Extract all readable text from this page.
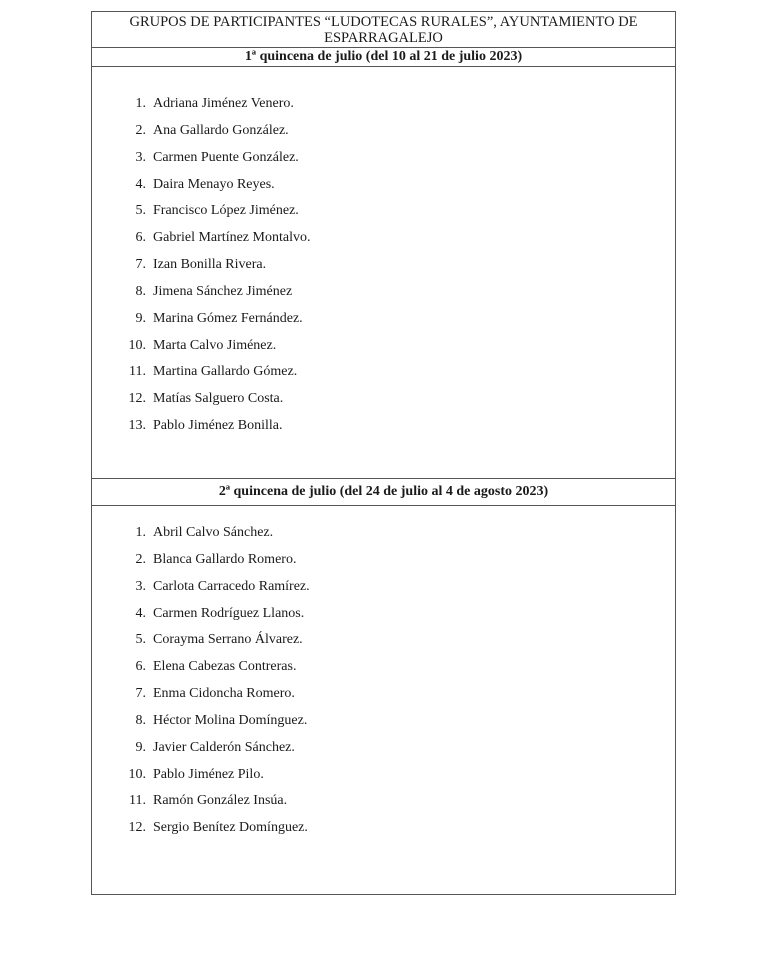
GRUPOS DE PARTICIPANTES “LUDOTECAS RURALES”, AYUNTAMIENTO DE ESPARRAGALEJO
1ª quincena de julio (del 10 al 21 de julio 2023)
1. Adriana Jiménez Venero.
2. Ana Gallardo González.
3. Carmen Puente González.
4. Daira Menayo Reyes.
5. Francisco López Jiménez.
6. Gabriel Martínez Montalvo.
7. Izan Bonilla Rivera.
8. Jimena Sánchez Jiménez
9. Marina Gómez Fernández.
10. Marta Calvo Jiménez.
11. Martina Gallardo Gómez.
12. Matías Salguero Costa.
13. Pablo Jiménez Bonilla.
2ª quincena de julio (del 24 de julio al 4 de agosto 2023)
1. Abril Calvo Sánchez.
2. Blanca Gallardo Romero.
3. Carlota Carracedo Ramírez.
4. Carmen Rodríguez Llanos.
5. Corayma Serrano Álvarez.
6. Elena Cabezas Contreras.
7. Enma Cidoncha Romero.
8. Héctor Molina Domínguez.
9. Javier Calderón Sánchez.
10. Pablo Jiménez Pilo.
11. Ramón González Insúa.
12. Sergio Benítez Domínguez.
